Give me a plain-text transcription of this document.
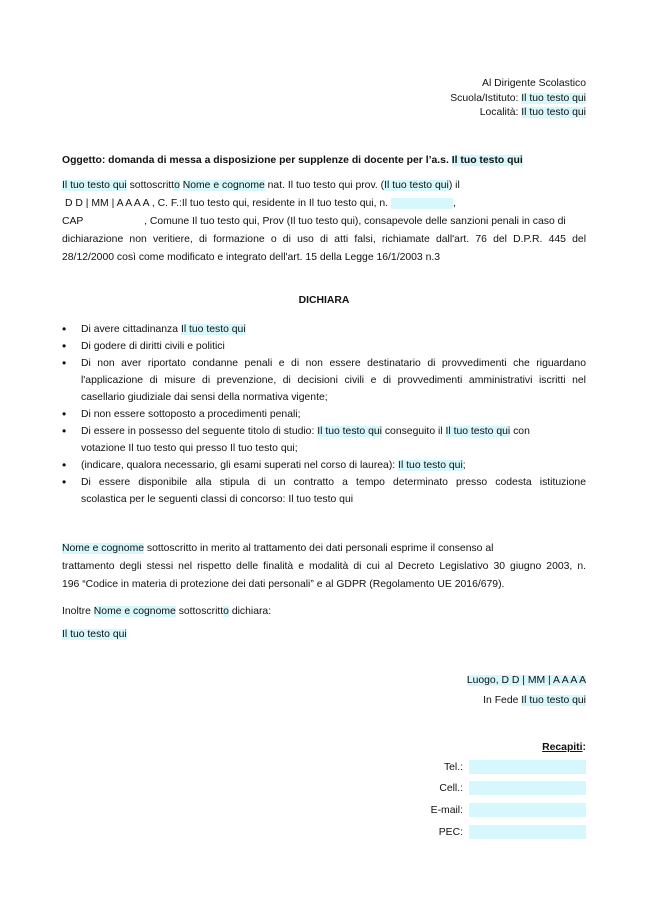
Al Dirigente Scolastico
Scuola/Istituto: Il tuo testo qui
Località: Il tuo testo qui
Oggetto: domanda di messa a disposizione per supplenze di docente per l’a.s. Il tuo testo qui
Il tuo testo qui sottoscritto Nome e cognome nat. Il tuo testo qui prov. (Il tuo testo qui) il
D D | MM | A A A A , C. F.:Il tuo testo qui, residente in Il tuo testo qui, n.	,
CAP	, Comune Il tuo testo qui, Prov (Il tuo testo qui), consapevole delle sanzioni penali in caso di
dichiarazione non veritiere, di formazione o di uso di atti falsi, richiamate dall'art. 76 del D.P.R. 445 del
28/12/2000 così come modificato e integrato dell'art. 15 della Legge 16/1/2003 n.3
DICHIARA
• Di avere cittadinanza Il tuo testo qui
• Di godere di diritti civili e politici
• Di non aver riportato condanne penali e di non essere destinatario di provvedimenti che riguardano
l'applicazione di misure di prevenzione, di decisioni civili e di provvedimenti amministrativi iscritti nel
casellario giudiziale dai sensi della normativa vigente;
• Di non essere sottoposto a procedimenti penali;
• Di essere in possesso del seguente titolo di studio: Il tuo testo qui conseguito il Il tuo testo qui con
votazione Il tuo testo qui presso Il tuo testo qui;
• (indicare, qualora necessario, gli esami superati nel corso di laurea): Il tuo testo qui;
• Di essere disponibile alla stipula di un contratto a tempo determinato presso codesta istituzione
scolastica per le seguenti classi di concorso: Il tuo testo qui
Nome e cognome sottoscritto in merito al trattamento dei dati personali esprime il consenso al
trattamento degli stessi nel rispetto delle finalità e modalità di cui al Decreto Legislativo 30 giugno 2003, n.
196 “Codice in materia di protezione dei dati personali” e al GDPR (Regolamento UE 2016/679).
Inoltre Nome e cognome sottoscritto dichiara:
Il tuo testo qui
Luogo, D D | MM | A A A A
In Fede Il tuo testo qui
Recapiti:
Tel.:
Cell.:
E-mail:
PEC:
